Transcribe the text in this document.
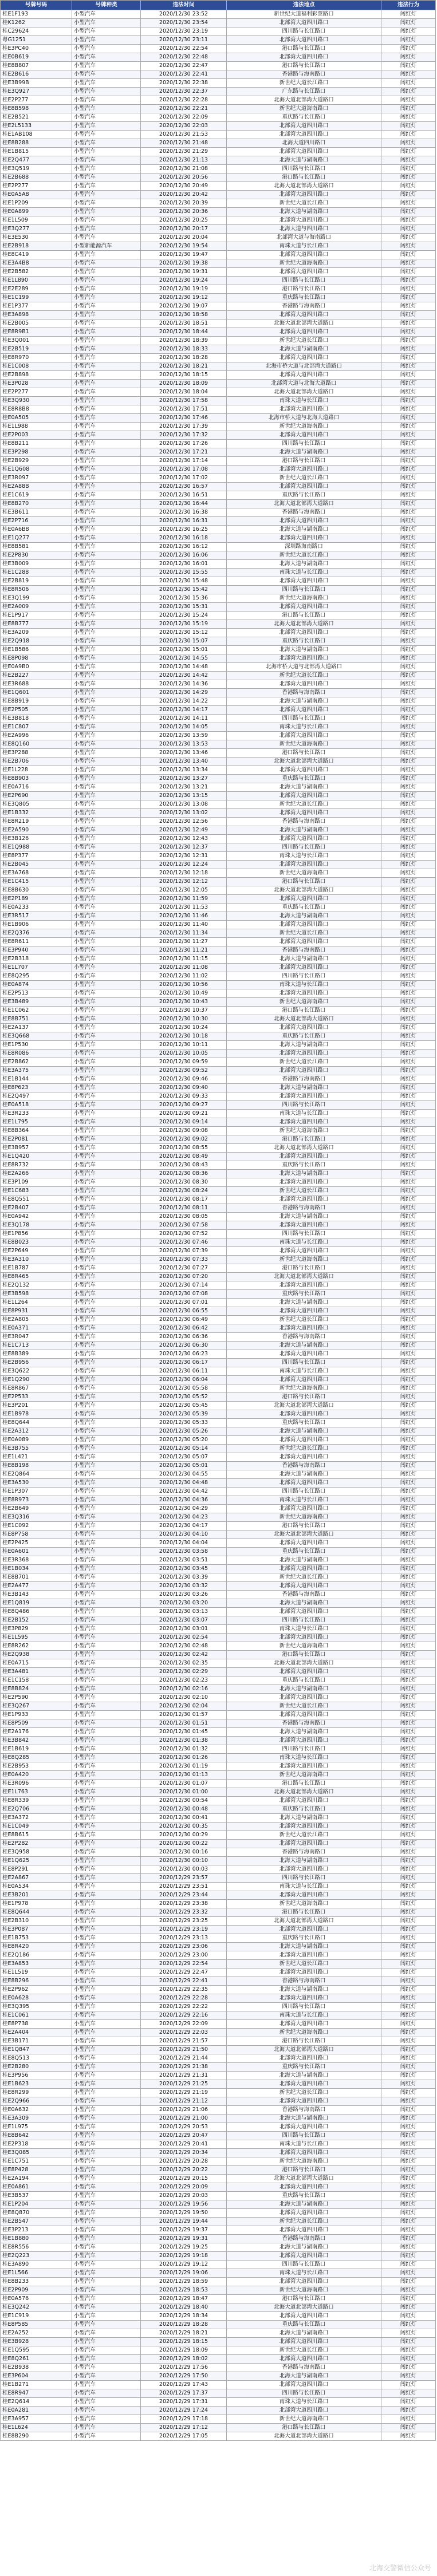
号牌号码	号牌种类	违法时间	违法地点	违法行为
桂E1F193	小型汽车	2020/12/30 23:52	新世纪大道福利彩票路口	闯红灯
桂K1262	小型汽车	2020/12/30 23:54	北部湾大道四川路口	闯红灯
桂C29624	小型汽车	2020/12/30 23:19	四川路与长江路口	闯红灯
粤G1251	小型汽车	2020/12/30 23:11	北部湾大道四川路口	闯红灯
桂E3PC40	小型汽车	2020/12/30 22:54	港口路与长江路口	闯红灯
桂E0B619	小型汽车	2020/12/30 22:48	北部湾大道四川路口	闯红灯
桂E8B807	小型汽车	2020/12/30 22:47	港口路与长江路口	闯红灯
桂E2B616	小型汽车	2020/12/30 22:41	香港路与海南路口	闯红灯
桂E3B99B	小型汽车	2020/12/30 22:38	新世纪大道长江路口	闯红灯
桂E3Q927	小型汽车	2020/12/30 22:37	广东路与长江路口	闯红灯
桂E2P277	小型汽车	2020/12/30 22:28	北海大道北部湾大道路口	闯红灯
桂E8B598	小型汽车	2020/12/30 22:21	新世纪大道海南路口	闯红灯
桂E2B521	小型汽车	2020/12/30 22:09	重庆路与长江路口	闯红灯
桂E2L5133	小型汽车	2020/12/30 22:03	北部湾大道四川路口	闯红灯
桂E1AB108	小型汽车	2020/12/30 21:53	北部湾大道四川路口	闯红灯
桂E8B288	小型汽车	2020/12/30 21:48	北海大道四川路口	闯红灯
桂E1B815	小型汽车	2020/12/30 21:29	北部湾大道四川路口	闯红灯
桂E2Q477	小型汽车	2020/12/30 21:13	北海大道与湖南路口	闯红灯
桂E3Q519	小型汽车	2020/12/30 21:08	四川路与长江路口	闯红灯
桂E2B688	小型汽车	2020/12/30 20:56	港口路与长江路口	闯红灯
桂E2P277	小型汽车	2020/12/30 20:49	北海大道北部湾大道路口	闯红灯
桂E0A5A8	小型汽车	2020/12/30 20:42	北部湾大道四川路口	闯红灯
桂E1P209	小型汽车	2020/12/30 20:39	新世纪大道长江路口	闯红灯
桂E0A899	小型汽车	2020/12/30 20:36	北海大道与湖南路口	闯红灯
桂E1L509	小型汽车	2020/12/30 20:25	北部湾大道四川路口	闯红灯
桂E3Q277	小型汽车	2020/12/30 20:17	北海大道与四川路口	闯红灯
桂E3E530	小型汽车	2020/12/30 20:04	北部湾大道与海南路口	闯红灯
桂E2B918	小型新能源汽车	2020/12/30 19:54	南珠大道与长江路口	闯红灯
桂E8C419	小型汽车	2020/12/30 19:47	北部湾大道四川路口	闯红灯
桂E3A4B8	小型汽车	2020/12/30 19:38	新世纪大道海南路口	闯红灯
桂E2B582	小型汽车	2020/12/30 19:31	北部湾大道四川路口	闯红灯
桂E1L890	小型汽车	2020/12/30 19:24	四川路与长江路口	闯红灯
桂E2E289	小型汽车	2020/12/30 19:19	港口路与长江路口	闯红灯
桂E1C199	小型汽车	2020/12/30 19:12	重庆路与长江路口	闯红灯
桂E1P377	小型汽车	2020/12/30 19:07	香港路与海南路口	闯红灯
桂E3A898	小型汽车	2020/12/30 18:58	北部湾大道四川路口	闯红灯
桂E2B005	小型汽车	2020/12/30 18:51	北海大道北部湾大道路口	闯红灯
桂E8R9B1	小型汽车	2020/12/30 18:44	北部湾大道四川路口	闯红灯
桂E3Q001	小型汽车	2020/12/30 18:39	新世纪大道长江路口	闯红灯
桂E2B519	小型汽车	2020/12/30 18:33	北海大道与湖南路口	闯红灯
桂E8R970	小型汽车	2020/12/30 18:28	北部湾大道四川路口	闯红灯
桂E1C008	小型汽车	2020/12/30 18:21	北海市桥大道与北部湾大道路口	闯红灯
桂E2B898	小型汽车	2020/12/30 18:15	北部湾大道四川路口	闯红灯
桂E3P028	小型汽车	2020/12/30 18:09	北部湾大道与北海大道路口	闯红灯
桂E2P277	小型汽车	2020/12/30 18:04	北海大道北部湾大道路口	闯红灯
桂E3Q930	小型汽车	2020/12/30 17:58	南珠大道与长江路口	闯红灯
桂E8R8B8	小型汽车	2020/12/30 17:51	北部湾大道四川路口	闯红灯
桂E0A505	小型汽车	2020/12/30 17:46	北海市桥大道与北海大道路口	闯红灯
桂E1L988	小型汽车	2020/12/30 17:39	新世纪大道海南路口	闯红灯
桂E2P003	小型汽车	2020/12/30 17:32	北部湾大道四川路口	闯红灯
桂E8B211	小型汽车	2020/12/30 17:26	四川路与长江路口	闯红灯
桂E3P298	小型汽车	2020/12/30 17:21	北海大道与湖南路口	闯红灯
桂E2B929	小型汽车	2020/12/30 17:14	港口路与长江路口	闯红灯
桂E1Q608	小型汽车	2020/12/30 17:08	北部湾大道四川路口	闯红灯
桂E3R097	小型汽车	2020/12/30 17:02	新世纪大道长江路口	闯红灯
桂E2A88B	小型汽车	2020/12/30 16:57	北部湾大道四川路口	闯红灯
桂E1C619	小型汽车	2020/12/30 16:51	重庆路与长江路口	闯红灯
桂E8B270	小型汽车	2020/12/30 16:44	北海大道北部湾大道路口	闯红灯
桂E3B611	小型汽车	2020/12/30 16:38	香港路与海南路口	闯红灯
桂E2P716	小型汽车	2020/12/30 16:31	北部湾大道四川路口	闯红灯
桂E0A6B8	小型汽车	2020/12/30 16:25	北海大道与湖南路口	闯红灯
桂E1Q277	小型汽车	2020/12/30 16:18	北部湾大道四川路口	闯红灯
桂E8B581	小型汽车	2020/12/30 16:12	深圳路海南路口	闯红灯
桂E2P830	小型汽车	2020/12/30 16:06	新世纪大道长江路口	闯红灯
桂E3B009	小型汽车	2020/12/30 16:01	北海大道与湖南路口	闯红灯
桂E1C288	小型汽车	2020/12/30 15:55	南珠大道与长江路口	闯红灯
桂E2B819	小型汽车	2020/12/30 15:48	北部湾大道四川路口	闯红灯
桂E8R506	小型汽车	2020/12/30 15:42	四川路与长江路口	闯红灯
桂E3Q199	小型汽车	2020/12/30 15:36	新世纪大道海南路口	闯红灯
桂E2A009	小型汽车	2020/12/30 15:31	北部湾大道四川路口	闯红灯
桂E1P917	小型汽车	2020/12/30 15:24	港口路与长江路口	闯红灯
桂E8B777	小型汽车	2020/12/30 15:19	北海大道北部湾大道路口	闯红灯
桂E3A209	小型汽车	2020/12/30 15:12	北部湾大道四川路口	闯红灯
桂E2Q918	小型汽车	2020/12/30 15:07	重庆路与长江路口	闯红灯
桂E1B586	小型汽车	2020/12/30 15:01	北海大道与湖南路口	闯红灯
桂E8P098	小型汽车	2020/12/30 14:55	北部湾大道四川路口	闯红灯
桂E0A9B0	小型汽车	2020/12/30 14:48	北海市桥大道与北部湾大道路口	闯红灯
桂E2B227	小型汽车	2020/12/30 14:42	新世纪大道长江路口	闯红灯
桂E3R688	小型汽车	2020/12/30 14:36	北部湾大道四川路口	闯红灯
桂E1Q601	小型汽车	2020/12/30 14:29	香港路与海南路口	闯红灯
桂E8B919	小型汽车	2020/12/30 14:22	北海大道与湖南路口	闯红灯
桂E2P505	小型汽车	2020/12/30 14:17	北部湾大道四川路口	闯红灯
桂E3B818	小型汽车	2020/12/30 14:11	四川路与长江路口	闯红灯
桂E1C807	小型汽车	2020/12/30 14:05	南珠大道与长江路口	闯红灯
桂E2A996	小型汽车	2020/12/30 13:59	北部湾大道四川路口	闯红灯
桂E8Q160	小型汽车	2020/12/30 13:53	新世纪大道海南路口	闯红灯
桂E3P288	小型汽车	2020/12/30 13:46	港口路与长江路口	闯红灯
桂E2B706	小型汽车	2020/12/30 13:40	北海大道北部湾大道路口	闯红灯
桂E1L228	小型汽车	2020/12/30 13:34	北部湾大道四川路口	闯红灯
桂E8B903	小型汽车	2020/12/30 13:27	重庆路与长江路口	闯红灯
桂E0A716	小型汽车	2020/12/30 13:21	北海大道与湖南路口	闯红灯
桂E2P690	小型汽车	2020/12/30 13:15	北部湾大道四川路口	闯红灯
桂E3Q805	小型汽车	2020/12/30 13:08	新世纪大道长江路口	闯红灯
桂E1B332	小型汽车	2020/12/30 13:02	北部湾大道四川路口	闯红灯
桂E8R219	小型汽车	2020/12/30 12:56	香港路与海南路口	闯红灯
桂E2A590	小型汽车	2020/12/30 12:49	北海大道与湖南路口	闯红灯
桂E3B126	小型汽车	2020/12/30 12:43	北部湾大道四川路口	闯红灯
桂E1Q988	小型汽车	2020/12/30 12:37	四川路与长江路口	闯红灯
桂E8P377	小型汽车	2020/12/30 12:31	南珠大道与长江路口	闯红灯
桂E2B045	小型汽车	2020/12/30 12:24	北部湾大道四川路口	闯红灯
桂E3A768	小型汽车	2020/12/30 12:18	新世纪大道海南路口	闯红灯
桂E1C415	小型汽车	2020/12/30 12:12	港口路与长江路口	闯红灯
桂E8B630	小型汽车	2020/12/30 12:05	北海大道北部湾大道路口	闯红灯
桂E2P189	小型汽车	2020/12/30 11:59	北部湾大道四川路口	闯红灯
桂E0A233	小型汽车	2020/12/30 11:53	重庆路与长江路口	闯红灯
桂E3R517	小型汽车	2020/12/30 11:46	北海大道与湖南路口	闯红灯
桂E1B906	小型汽车	2020/12/30 11:40	北部湾大道四川路口	闯红灯
桂E2Q376	小型汽车	2020/12/30 11:34	新世纪大道长江路口	闯红灯
桂E8R611	小型汽车	2020/12/30 11:27	北部湾大道四川路口	闯红灯
桂E3P940	小型汽车	2020/12/30 11:21	香港路与海南路口	闯红灯
桂E2B318	小型汽车	2020/12/30 11:15	北海大道与湖南路口	闯红灯
桂E1L707	小型汽车	2020/12/30 11:08	北部湾大道四川路口	闯红灯
桂E8Q295	小型汽车	2020/12/30 11:02	四川路与长江路口	闯红灯
桂E0A874	小型汽车	2020/12/30 10:56	南珠大道与长江路口	闯红灯
桂E2P513	小型汽车	2020/12/30 10:49	北部湾大道四川路口	闯红灯
桂E3B489	小型汽车	2020/12/30 10:43	新世纪大道海南路口	闯红灯
桂E1C062	小型汽车	2020/12/30 10:37	港口路与长江路口	闯红灯
桂E8B751	小型汽车	2020/12/30 10:30	北海大道北部湾大道路口	闯红灯
桂E2A137	小型汽车	2020/12/30 10:24	北部湾大道四川路口	闯红灯
桂E3Q668	小型汽车	2020/12/30 10:18	重庆路与长江路口	闯红灯
桂E1P530	小型汽车	2020/12/30 10:11	北海大道与湖南路口	闯红灯
桂E8R086	小型汽车	2020/12/30 10:05	北部湾大道四川路口	闯红灯
桂E2B862	小型汽车	2020/12/30 09:59	新世纪大道长江路口	闯红灯
桂E3A375	小型汽车	2020/12/30 09:52	北部湾大道四川路口	闯红灯
桂E1B144	小型汽车	2020/12/30 09:46	香港路与海南路口	闯红灯
桂E8P623	小型汽车	2020/12/30 09:40	北海大道与湖南路口	闯红灯
桂E2Q497	小型汽车	2020/12/30 09:33	北部湾大道四川路口	闯红灯
桂E0A518	小型汽车	2020/12/30 09:27	四川路与长江路口	闯红灯
桂E3R233	小型汽车	2020/12/30 09:21	南珠大道与长江路口	闯红灯
桂E1L795	小型汽车	2020/12/30 09:14	北部湾大道四川路口	闯红灯
桂E8B364	小型汽车	2020/12/30 09:08	新世纪大道海南路口	闯红灯
桂E2P081	小型汽车	2020/12/30 09:02	港口路与长江路口	闯红灯
桂E3B957	小型汽车	2020/12/30 08:55	北海大道北部湾大道路口	闯红灯
桂E1Q420	小型汽车	2020/12/30 08:49	北部湾大道四川路口	闯红灯
桂E8R732	小型汽车	2020/12/30 08:43	重庆路与长江路口	闯红灯
桂E2A266	小型汽车	2020/12/30 08:36	北海大道与湖南路口	闯红灯
桂E3P109	小型汽车	2020/12/30 08:30	北部湾大道四川路口	闯红灯
桂E1C683	小型汽车	2020/12/30 08:24	新世纪大道长江路口	闯红灯
桂E8Q551	小型汽车	2020/12/30 08:17	北部湾大道四川路口	闯红灯
桂E2B407	小型汽车	2020/12/30 08:11	香港路与海南路口	闯红灯
桂E0A942	小型汽车	2020/12/30 08:05	北海大道与湖南路口	闯红灯
桂E3Q178	小型汽车	2020/12/30 07:58	北部湾大道四川路口	闯红灯
桂E1P856	小型汽车	2020/12/30 07:52	四川路与长江路口	闯红灯
桂E8B023	小型汽车	2020/12/30 07:46	南珠大道与长江路口	闯红灯
桂E2P649	小型汽车	2020/12/30 07:39	北部湾大道四川路口	闯红灯
桂E3A310	小型汽车	2020/12/30 07:33	新世纪大道海南路口	闯红灯
桂E1B787	小型汽车	2020/12/30 07:27	港口路与长江路口	闯红灯
桂E8R465	小型汽车	2020/12/30 07:20	北海大道北部湾大道路口	闯红灯
桂E2Q132	小型汽车	2020/12/30 07:14	北部湾大道四川路口	闯红灯
桂E3B598	小型汽车	2020/12/30 07:08	重庆路与长江路口	闯红灯
桂E1L264	小型汽车	2020/12/30 07:01	北海大道与湖南路口	闯红灯
桂E8P931	小型汽车	2020/12/30 06:55	北部湾大道四川路口	闯红灯
桂E2A805	小型汽车	2020/12/30 06:49	新世纪大道长江路口	闯红灯
桂E0A371	小型汽车	2020/12/30 06:42	北部湾大道四川路口	闯红灯
桂E3R047	小型汽车	2020/12/30 06:36	香港路与海南路口	闯红灯
桂E1C713	小型汽车	2020/12/30 06:30	北海大道与湖南路口	闯红灯
桂E8B389	小型汽车	2020/12/30 06:23	北部湾大道四川路口	闯红灯
桂E2B956	小型汽车	2020/12/30 06:17	四川路与长江路口	闯红灯
桂E3Q622	小型汽车	2020/12/30 06:11	南珠大道与长江路口	闯红灯
桂E1Q290	小型汽车	2020/12/30 06:04	北部湾大道四川路口	闯红灯
桂E8R867	小型汽车	2020/12/30 05:58	新世纪大道海南路口	闯红灯
桂E2P533	小型汽车	2020/12/30 05:52	港口路与长江路口	闯红灯
桂E3P201	小型汽车	2020/12/30 05:45	北海大道北部湾大道路口	闯红灯
桂E1B978	小型汽车	2020/12/30 05:39	北部湾大道四川路口	闯红灯
桂E8Q644	小型汽车	2020/12/30 05:33	重庆路与长江路口	闯红灯
桂E2A312	小型汽车	2020/12/30 05:26	北海大道与湖南路口	闯红灯
桂E0A089	小型汽车	2020/12/30 05:20	北部湾大道四川路口	闯红灯
桂E3B755	小型汽车	2020/12/30 05:14	新世纪大道长江路口	闯红灯
桂E1L421	小型汽车	2020/12/30 05:07	北部湾大道四川路口	闯红灯
桂E8B198	小型汽车	2020/12/30 05:01	香港路与海南路口	闯红灯
桂E2Q864	小型汽车	2020/12/30 04:55	北海大道与湖南路口	闯红灯
桂E3A530	小型汽车	2020/12/30 04:48	北部湾大道四川路口	闯红灯
桂E1P307	小型汽车	2020/12/30 04:42	四川路与长江路口	闯红灯
桂E8R973	小型汽车	2020/12/30 04:36	南珠大道与长江路口	闯红灯
桂E2B649	小型汽车	2020/12/30 04:29	北部湾大道四川路口	闯红灯
桂E3Q316	小型汽车	2020/12/30 04:23	新世纪大道海南路口	闯红灯
桂E1C092	小型汽车	2020/12/30 04:17	港口路与长江路口	闯红灯
桂E8P758	小型汽车	2020/12/30 04:10	北海大道北部湾大道路口	闯红灯
桂E2P425	小型汽车	2020/12/30 04:04	北部湾大道四川路口	闯红灯
桂E0A601	小型汽车	2020/12/30 03:58	重庆路与长江路口	闯红灯
桂E3R368	小型汽车	2020/12/30 03:51	北海大道与湖南路口	闯红灯
桂E1B034	小型汽车	2020/12/30 03:45	北部湾大道四川路口	闯红灯
桂E8B701	小型汽车	2020/12/30 03:39	新世纪大道长江路口	闯红灯
桂E2A477	小型汽车	2020/12/30 03:32	北部湾大道四川路口	闯红灯
桂E3B143	小型汽车	2020/12/30 03:26	香港路与海南路口	闯红灯
桂E1Q819	小型汽车	2020/12/30 03:20	北海大道与湖南路口	闯红灯
桂E8Q486	小型汽车	2020/12/30 03:13	北部湾大道四川路口	闯红灯
桂E2B152	小型汽车	2020/12/30 03:07	四川路与长江路口	闯红灯
桂E3P829	小型汽车	2020/12/30 03:01	南珠大道与长江路口	闯红灯
桂E1L595	小型汽车	2020/12/30 02:54	北部湾大道四川路口	闯红灯
桂E8R262	小型汽车	2020/12/30 02:48	新世纪大道海南路口	闯红灯
桂E2Q938	小型汽车	2020/12/30 02:42	港口路与长江路口	闯红灯
桂E0A715	小型汽车	2020/12/30 02:35	北海大道北部湾大道路口	闯红灯
桂E3A481	小型汽车	2020/12/30 02:29	北部湾大道四川路口	闯红灯
桂E1C158	小型汽车	2020/12/30 02:23	重庆路与长江路口	闯红灯
桂E8B824	小型汽车	2020/12/30 02:16	北海大道与湖南路口	闯红灯
桂E2P590	小型汽车	2020/12/30 02:10	北部湾大道四川路口	闯红灯
桂E3Q267	小型汽车	2020/12/30 02:04	新世纪大道长江路口	闯红灯
桂E1P933	小型汽车	2020/12/30 01:57	北部湾大道四川路口	闯红灯
桂E8P509	小型汽车	2020/12/30 01:51	香港路与海南路口	闯红灯
桂E2A176	小型汽车	2020/12/30 01:45	北海大道与湖南路口	闯红灯
桂E3B842	小型汽车	2020/12/30 01:38	北部湾大道四川路口	闯红灯
桂E1B619	小型汽车	2020/12/30 01:32	四川路与长江路口	闯红灯
桂E8Q285	小型汽车	2020/12/30 01:26	南珠大道与长江路口	闯红灯
桂E2B953	小型汽车	2020/12/30 01:19	北部湾大道四川路口	闯红灯
桂E0A420	小型汽车	2020/12/30 01:13	新世纪大道海南路口	闯红灯
桂E3R096	小型汽车	2020/12/30 01:07	港口路与长江路口	闯红灯
桂E1L763	小型汽车	2020/12/30 01:00	北海大道北部湾大道路口	闯红灯
桂E8R339	小型汽车	2020/12/30 00:54	北部湾大道四川路口	闯红灯
桂E2Q706	小型汽车	2020/12/30 00:48	重庆路与长江路口	闯红灯
桂E3A372	小型汽车	2020/12/30 00:41	北海大道与湖南路口	闯红灯
桂E1C049	小型汽车	2020/12/30 00:35	北部湾大道四川路口	闯红灯
桂E8B615	小型汽车	2020/12/30 00:29	新世纪大道长江路口	闯红灯
桂E2P282	小型汽车	2020/12/30 00:22	北部湾大道四川路口	闯红灯
桂E3Q958	小型汽车	2020/12/30 00:16	香港路与海南路口	闯红灯
桂E1Q625	小型汽车	2020/12/30 00:10	北海大道与湖南路口	闯红灯
桂E8P291	小型汽车	2020/12/30 00:03	北部湾大道四川路口	闯红灯
桂E2A867	小型汽车	2020/12/29 23:57	四川路与长江路口	闯红灯
桂E0A534	小型汽车	2020/12/29 23:51	南珠大道与长江路口	闯红灯
桂E3B201	小型汽车	2020/12/29 23:44	北部湾大道四川路口	闯红灯
桂E1P978	小型汽车	2020/12/29 23:38	新世纪大道海南路口	闯红灯
桂E8Q644	小型汽车	2020/12/29 23:32	港口路与长江路口	闯红灯
桂E2B310	小型汽车	2020/12/29 23:25	北海大道北部湾大道路口	闯红灯
桂E3P087	小型汽车	2020/12/29 23:19	北部湾大道四川路口	闯红灯
桂E1B753	小型汽车	2020/12/29 23:13	重庆路与长江路口	闯红灯
桂E8R420	小型汽车	2020/12/29 23:06	北海大道与湖南路口	闯红灯
桂E2Q186	小型汽车	2020/12/29 23:00	北部湾大道四川路口	闯红灯
桂E3A853	小型汽车	2020/12/29 22:54	新世纪大道长江路口	闯红灯
桂E1L519	小型汽车	2020/12/29 22:47	北部湾大道四川路口	闯红灯
桂E8B296	小型汽车	2020/12/29 22:41	香港路与海南路口	闯红灯
桂E2P962	小型汽车	2020/12/29 22:35	北海大道与湖南路口	闯红灯
桂E0A628	小型汽车	2020/12/29 22:28	北部湾大道四川路口	闯红灯
桂E3Q395	小型汽车	2020/12/29 22:22	四川路与长江路口	闯红灯
桂E1C061	小型汽车	2020/12/29 22:16	南珠大道与长江路口	闯红灯
桂E8P738	小型汽车	2020/12/29 22:09	北部湾大道四川路口	闯红灯
桂E2A404	小型汽车	2020/12/29 22:03	新世纪大道海南路口	闯红灯
桂E3B171	小型汽车	2020/12/29 21:57	港口路与长江路口	闯红灯
桂E1Q847	小型汽车	2020/12/29 21:50	北海大道北部湾大道路口	闯红灯
桂E8Q513	小型汽车	2020/12/29 21:44	北部湾大道四川路口	闯红灯
桂E2B280	小型汽车	2020/12/29 21:38	重庆路与长江路口	闯红灯
桂E3P956	小型汽车	2020/12/29 21:31	北海大道与湖南路口	闯红灯
桂E1B623	小型汽车	2020/12/29 21:25	北部湾大道四川路口	闯红灯
桂E8R299	小型汽车	2020/12/29 21:19	新世纪大道长江路口	闯红灯
桂E2Q966	小型汽车	2020/12/29 21:12	北部湾大道四川路口	闯红灯
桂E0A632	小型汽车	2020/12/29 21:06	香港路与海南路口	闯红灯
桂E3A309	小型汽车	2020/12/29 21:00	北海大道与湖南路口	闯红灯
桂E1L975	小型汽车	2020/12/29 20:53	北部湾大道四川路口	闯红灯
桂E8B642	小型汽车	2020/12/29 20:47	四川路与长江路口	闯红灯
桂E2P318	小型汽车	2020/12/29 20:41	南珠大道与长江路口	闯红灯
桂E3Q085	小型汽车	2020/12/29 20:34	北部湾大道四川路口	闯红灯
桂E1C751	小型汽车	2020/12/29 20:28	新世纪大道海南路口	闯红灯
桂E8P428	小型汽车	2020/12/29 20:22	港口路与长江路口	闯红灯
桂E2A194	小型汽车	2020/12/29 20:15	北海大道北部湾大道路口	闯红灯
桂E0A861	小型汽车	2020/12/29 20:09	北部湾大道四川路口	闯红灯
桂E3B537	小型汽车	2020/12/29 20:03	重庆路与长江路口	闯红灯
桂E1P204	小型汽车	2020/12/29 19:56	北海大道与湖南路口	闯红灯
桂E8Q870	小型汽车	2020/12/29 19:50	北部湾大道四川路口	闯红灯
桂E2B547	小型汽车	2020/12/29 19:44	新世纪大道长江路口	闯红灯
桂E3P213	小型汽车	2020/12/29 19:37	北部湾大道四川路口	闯红灯
桂E1B880	小型汽车	2020/12/29 19:31	香港路与海南路口	闯红灯
桂E8R556	小型汽车	2020/12/29 19:25	北海大道与湖南路口	闯红灯
桂E2Q223	小型汽车	2020/12/29 19:18	北部湾大道四川路口	闯红灯
桂E3A890	小型汽车	2020/12/29 19:12	四川路与长江路口	闯红灯
桂E1L566	小型汽车	2020/12/29 19:06	南珠大道与长江路口	闯红灯
桂E8B233	小型汽车	2020/12/29 18:59	北部湾大道四川路口	闯红灯
桂E2P909	小型汽车	2020/12/29 18:53	新世纪大道海南路口	闯红灯
桂E0A576	小型汽车	2020/12/29 18:47	港口路与长江路口	闯红灯
桂E3Q242	小型汽车	2020/12/29 18:40	北海大道北部湾大道路口	闯红灯
桂E1C919	小型汽车	2020/12/29 18:34	北部湾大道四川路口	闯红灯
桂E8P585	小型汽车	2020/12/29 18:28	重庆路与长江路口	闯红灯
桂E2A252	小型汽车	2020/12/29 18:21	北海大道与湖南路口	闯红灯
桂E3B928	小型汽车	2020/12/29 18:15	北部湾大道四川路口	闯红灯
桂E1Q595	小型汽车	2020/12/29 18:09	新世纪大道长江路口	闯红灯
桂E8Q261	小型汽车	2020/12/29 18:02	北部湾大道四川路口	闯红灯
桂E2B938	小型汽车	2020/12/29 17:56	香港路与海南路口	闯红灯
桂E3P604	小型汽车	2020/12/29 17:50	北海大道与湖南路口	闯红灯
桂E1B271	小型汽车	2020/12/29 17:43	北部湾大道四川路口	闯红灯
桂E8R947	小型汽车	2020/12/29 17:37	四川路与长江路口	闯红灯
桂E2Q614	小型汽车	2020/12/29 17:31	南珠大道与长江路口	闯红灯
桂E0A281	小型汽车	2020/12/29 17:24	北部湾大道四川路口	闯红灯
桂E3A957	小型汽车	2020/12/29 17:18	新世纪大道海南路口	闯红灯
桂E1L624	小型汽车	2020/12/29 17:12	港口路与长江路口	闯红灯
桂E8B290	小型汽车	2020/12/29 17:05	北海大道北部湾大道路口	闯红灯
北海交警微信公众号
